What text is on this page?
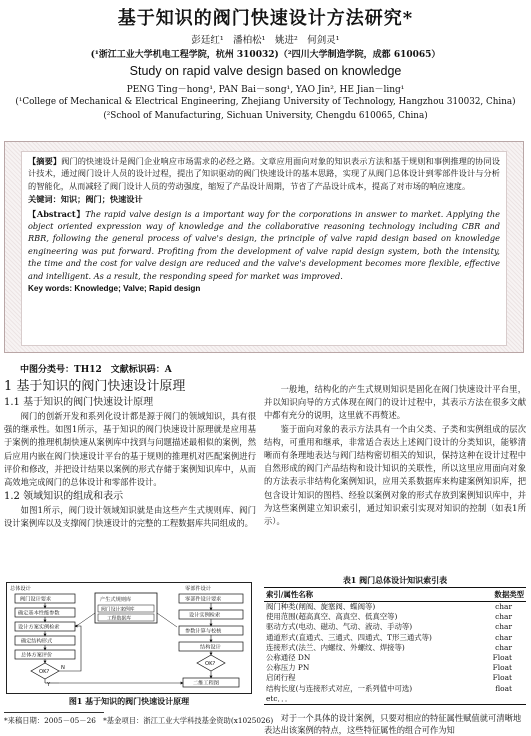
基于知识的阀门快速设计方法研究*
彭廷红¹　潘柏松¹　姚进²　何剑灵¹
(¹浙江工业大学机电工程学院，杭州 310032)（²四川大学制造学院，成都 610065）
Study on rapid valve design based on knowledge
PENG Ting－hong¹, PAN Bai－song¹, YAO Jin², HE Jian－ling¹
(¹College of Mechanical & Electrical Engineering, Zhejiang University of Technology, Hangzhou 310032, China)
(²School of Manufacturing, Sichuan University, Chengdu 610065, China)
【摘要】阀门的快速设计是阀门企业响应市场需求的必经之路。文章应用面向对象的知识表示方法和基于规则和事例推理的协同设计技术，通过阀门设计人员的设计过程，提出了知识驱动的阀门快速设计的基本思路，实现了从阀门总体设计到零部件设计与分析的智能化，从而减轻了阀门设计人员的劳动强度，缩短了产品设计周期，节省了产品设计成本，提高了对市场的响应速度。
关键词：知识；阀门；快速设计
【Abstract】The rapid valve design is a important way for the corporations in answer to market. Applying the object oriented expression way of knowledge and the collaborative reasoning technology including CBR and RBR, following the general process of valve's design, the principle of valve rapid design based on knowledge engineering was put forward. Profiting from the development of valve rapid design system, both the intensity, the time and the cost for valve design are reduced and the valve's development becomes more flexible, effective and intelligent. As a result, the responding speed for market was improved.
Key words: Knowledge; Valve; Rapid design
中图分类号：TH12　文献标识码：A
1 基于知识的阀门快速设计原理
1.1 基于知识的阀门快速设计原理

阀门的创新开发和系列化设计都是源于阀门的领域知识，具有很强的继承性。如图1所示，基于知识的阀门快速设计原理就是应用基于案例的推理机制快速从案例库中找到与问题描述最相似的案例，然后应用内嵌在阀门快速设计平台的基于规则的推理机对匹配案例进行评价和修改，并把设计结果以案例的形式存储于案例知识库中，从而高效地完成阀门的总体设计和零部件设计。

1.2 领域知识的组成和表示

如图1所示，阀门设计领域知识就是由这些产生式规则库、阀门设计案例库以及支撑阀门快速设计的完整的工程数据库共同组成的。

一般地，结构化的产生式规则知识是固化在阀门快速设计平台里，并以知识向导的方式体现在阀门的设计过程中，其表示方法在很多文献中都有充分的说明，这里就不再赘述。

鉴于面向对象的表示方法具有一个由父类、子类和实例组成的层次结构，可重用和继承，非常适合表达上述阀门设计的分类知识，能够清晰而有条理地表达与阀门结构密切相关的知识，保持这种在设计过程中自然形成的阀门产品结构和设计知识的关联性，所以这里应用面向对象的方法表示非结构化案例知识，应用关系数据库来构建案例知识库，把包含设计知识的图档、经验以案例对象的形式存放到案例知识库中，并为这些案例建立知识索引，通过知识索引实现对知识的控制（如表1所示）。

总体设计
阀门设计要求
确定基本性能参数
设计方案实例检索
确定结构形式
总体方案评价
OK?
Y
N
产生式规则库
阀门设计案例库
工程数据库
零部件设计
零部件设计要求
设计实例检索
参数计算与校核
结构设计
OK?
二维工程图
图1 基于知识的阀门快速设计原理
表1 阀门总体设计知识索引表
索引/属性名称	数据类型
阀门种类(闸阀、旋塞阀、蝶阀等)	char
使用范围(超高真空、高真空、低真空等)	char
驱动方式(电动、磁动、气动、液动、手动等)	char
通道形式(直通式、三通式、四通式、T形三通式等)	char
连接形式(法兰、内螺纹、外螺纹、焊接等)	char
公称通径 DN	Float
公称压力 PN	Float
启闭行程	Float
结构长度(与连接形式对应，一系列值中可选)	float
etc．．．	
对于一个具体的设计案例，只要对相应的特征属性赋值就可清晰地表达出该案例的特点，这些特征属性的组合可作为知
*来稿日期：2005－05－26　*基金项目：浙江工业大学科技基金资助(x1025026)
